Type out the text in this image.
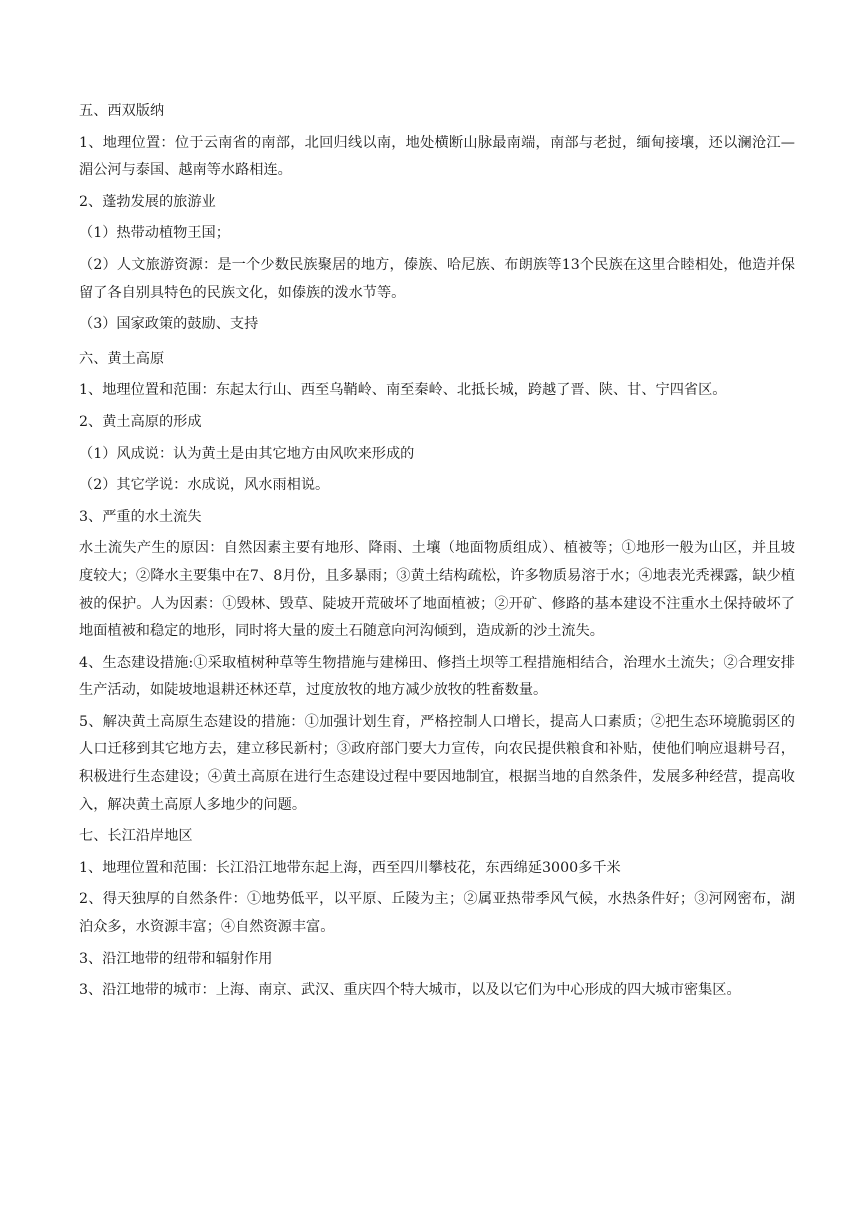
五、西双版纳

1、地理位置：位于云南省的南部，北回归线以南，地处横断山脉最南端，南部与老挝，缅甸接壤，还以澜沧江—湄公河与泰国、越南等水路相连。

2、蓬勃发展的旅游业

（1）热带动植物王国；

（2）人文旅游资源：是一个少数民族聚居的地方，傣族、哈尼族、布朗族等13个民族在这里合睦相处，他造并保留了各自别具特色的民族文化，如傣族的泼水节等。

（3）国家政策的鼓励、支持

六、黄土高原

1、地理位置和范围：东起太行山、西至乌鞘岭、南至秦岭、北抵长城，跨越了晋、陕、甘、宁四省区。

2、黄土高原的形成

（1）风成说：认为黄土是由其它地方由风吹来形成的

（2）其它学说：水成说，风水雨相说。

3、严重的水土流失

水土流失产生的原因：自然因素主要有地形、降雨、土壤（地面物质组成）、植被等；①地形一般为山区，并且坡度较大；②降水主要集中在7、8月份，且多暴雨；③黄土结构疏松，许多物质易溶于水；④地表光秃裸露，缺少植被的保护。人为因素：①毁林、毁草、陡坡开荒破坏了地面植被；②开矿、修路的基本建设不注重水土保持破坏了地面植被和稳定的地形，同时将大量的废土石随意向河沟倾到，造成新的沙土流失。

4、生态建设措施:①采取植树种草等生物措施与建梯田、修挡土坝等工程措施相结合，治理水土流失；②合理安排生产活动，如陡坡地退耕还林还草，过度放牧的地方减少放牧的牲畜数量。

5、解决黄土高原生态建设的措施：①加强计划生育，严格控制人口增长，提高人口素质；②把生态环境脆弱区的人口迁移到其它地方去，建立移民新村；③政府部门要大力宣传，向农民提供粮食和补贴，使他们响应退耕号召，积极进行生态建设；④黄土高原在进行生态建设过程中要因地制宜，根据当地的自然条件，发展多种经营，提高收入，解决黄土高原人多地少的问题。

七、长江沿岸地区

1、地理位置和范围：长江沿江地带东起上海，西至四川攀枝花，东西绵延3000多千米

2、得天独厚的自然条件：①地势低平，以平原、丘陵为主；②属亚热带季风气候，水热条件好；③河网密布，湖泊众多，水资源丰富；④自然资源丰富。

3、沿江地带的纽带和辐射作用

3、沿江地带的城市：上海、南京、武汉、重庆四个特大城市，以及以它们为中心形成的四大城市密集区。
